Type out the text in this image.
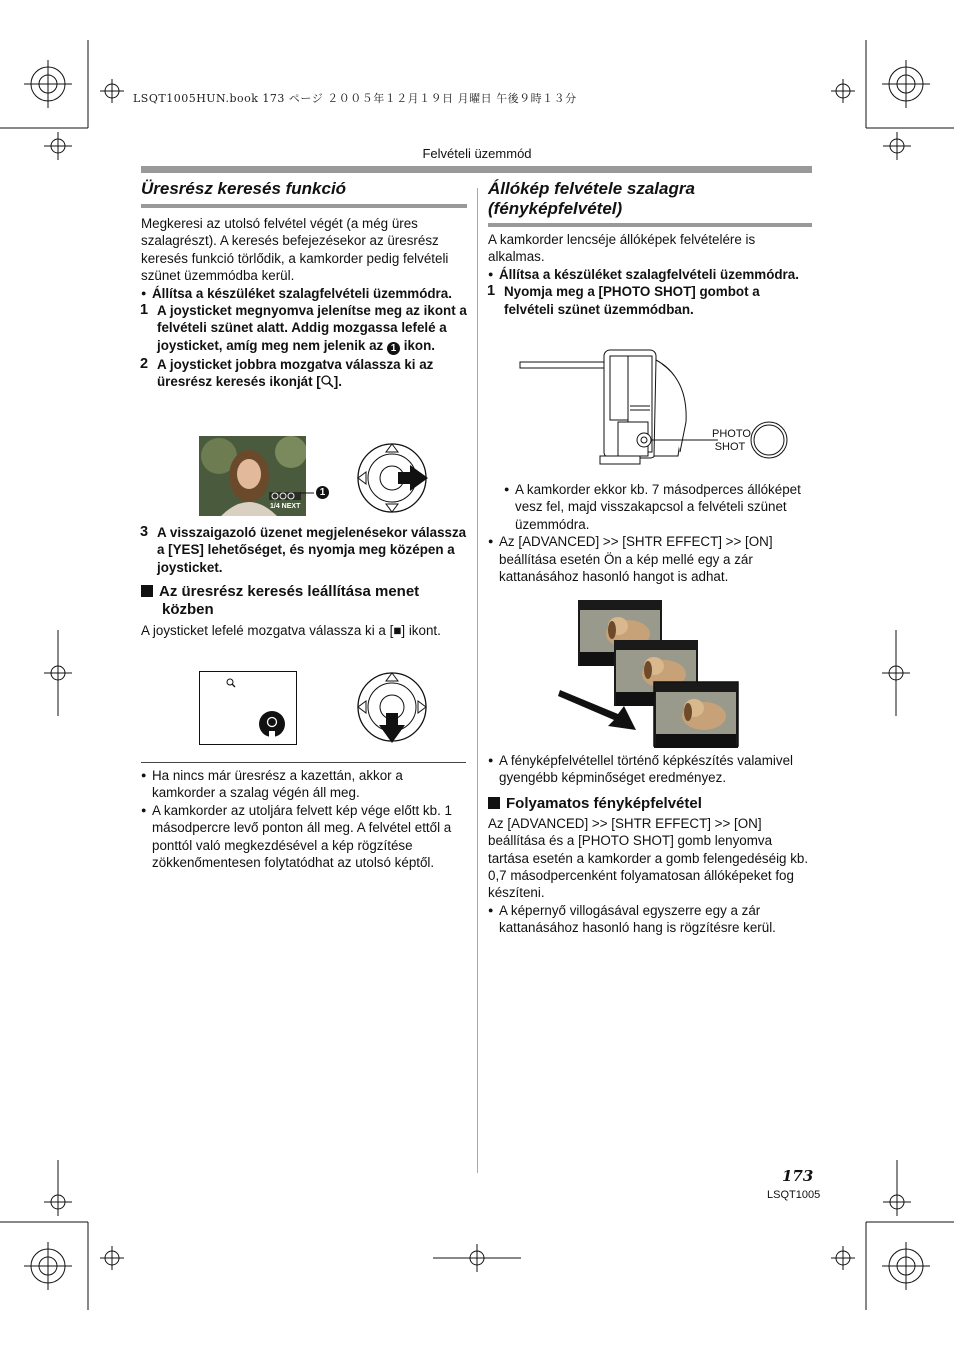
LSQT1005HUN.book 173 ページ ２００５年１２月１９日 月曜日 午後９時１３分
Felvételi üzemmód
Üresrész keresés funkció
Megkeresi az utolsó felvétel végét (a még üres szalagrészt). A keresés befejezésekor az üresrész keresés funkció törlődik, a kamkorder pedig felvételi szünet üzemmódba kerül.
● Állítsa a készüléket szalagfelvételi üzemmódra.
1 A joysticket megnyomva jelenítse meg az ikont a felvételi szünet alatt. Addig mozgassa lefelé a joysticket, amíg meg nem jelenik az 1 ikon.
2 A joysticket jobbra mozgatva válassza ki az üresrész keresés ikonját [ ].
1/4 NEXT
1
3 A visszaigazoló üzenet megjelenésekor válassza a [YES] lehetőséget, és nyomja meg középen a joysticket.
Az üresrész keresés leállítása menet közben
A joysticket lefelé mozgatva válassza ki a [■] ikont.
● Ha nincs már üresrész a kazettán, akkor a kamkorder a szalag végén áll meg.
● A kamkorder az utoljára felvett kép vége előtt kb. 1 másodpercre levő ponton áll meg. A felvétel ettől a ponttól való megkezdésével a kép rögzítése zökkenőmentesen folytatódhat az utolsó képtől.
Állókép felvétele szalagra (fényképfelvétel)
A kamkorder lencséje állóképek felvételére is alkalmas.
● Állítsa a készüléket szalagfelvételi üzemmódra.
1 Nyomja meg a [PHOTO SHOT] gombot a felvételi szünet üzemmódban.
PHOTO
SHOT
● A kamkorder ekkor kb. 7 másodperces állóképet vesz fel, majd visszakapcsol a felvételi szünet üzemmódra.
● Az [ADVANCED] >> [SHTR EFFECT] >> [ON] beállítása esetén Ön a kép mellé egy a zár kattanásához hasonló hangot is adhat.
● A fényképfelvétellel történő képkészítés valamivel gyengébb képminőséget eredményez.
Folyamatos fényképfelvétel
Az [ADVANCED] >> [SHTR EFFECT] >> [ON] beállítása és a [PHOTO SHOT] gomb lenyomva tartása esetén a kamkorder a gomb felengedéséig kb. 0,7 másodpercenként folyamatosan állóképeket fog készíteni.
● A képernyő villogásával egyszerre egy a zár kattanásához hasonló hang is rögzítésre kerül.
173
LSQT1005
